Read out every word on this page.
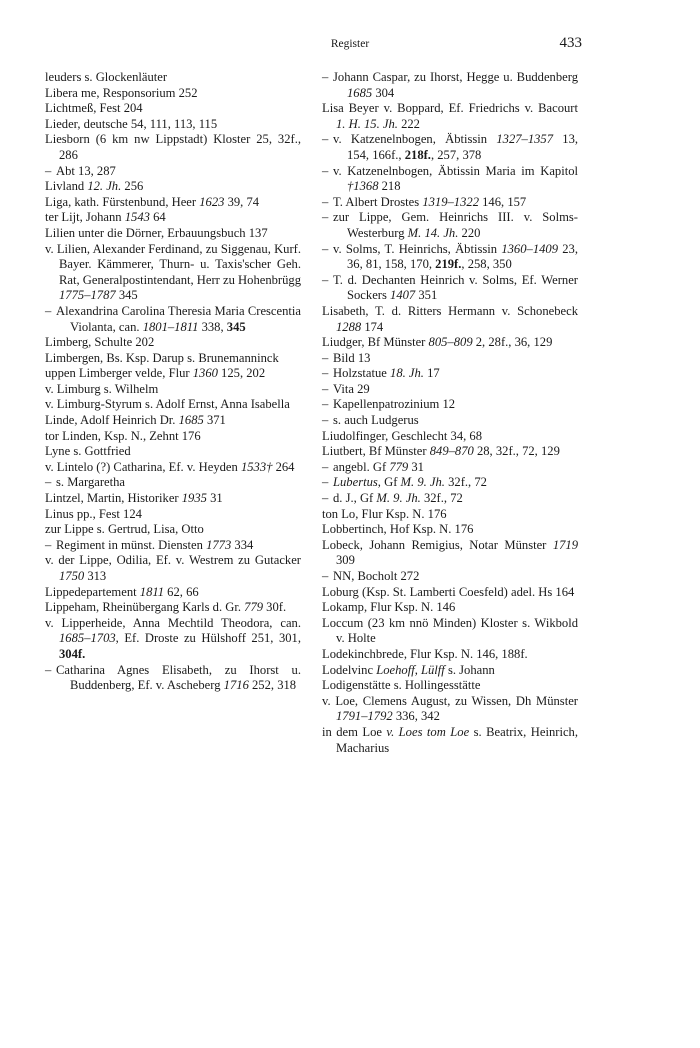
Register	433

leuders s. Glockenläuter

Libera me, Responsorium 252

Lichtmeß, Fest 204

Lieder, deutsche 54, 111, 113, 115

Liesborn (6 km nw Lippstadt) Kloster 25, 32f., 286

– Abt 13, 287

Livland 12. Jh. 256

Liga, kath. Fürstenbund, Heer 1623 39, 74

ter Lijt, Johann 1543 64

Lilien unter die Dörner, Erbauungsbuch 137

v. Lilien, Alexander Ferdinand, zu Siggenau, Kurf. Bayer. Kämmerer, Thurn- u. Taxis'scher Geh. Rat, Generalpostintendant, Herr zu Hohenbrügg 1775–1787 345

– Alexandrina Carolina Theresia Maria Crescentia Violanta, can. 1801–1811 338, 345

Limberg, Schulte 202

Limbergen, Bs. Ksp. Darup s. Brunemanninck

uppen Limberger velde, Flur 1360 125, 202

v. Limburg s. Wilhelm

v. Limburg-Styrum s. Adolf Ernst, Anna Isabella

Linde, Adolf Heinrich Dr. 1685 371

tor Linden, Ksp. N., Zehnt 176

Lyne s. Gottfried

v. Lintelo (?) Catharina, Ef. v. Heyden 1533† 264

– s. Margaretha

Lintzel, Martin, Historiker 1935 31

Linus pp., Fest 124

zur Lippe s. Gertrud, Lisa, Otto

– Regiment in münst. Diensten 1773 334

v. der Lippe, Odilia, Ef. v. Westrem zu Gutacker 1750 313

Lippedepartement 1811 62, 66

Lippeham, Rheinübergang Karls d. Gr. 779 30f.

v. Lipperheide, Anna Mechtild Theodora, can. 1685–1703, Ef. Droste zu Hülshoff 251, 301, 304f.

– Catharina Agnes Elisabeth, zu Ihorst u. Buddenberg, Ef. v. Ascheberg 1716 252, 318

– Johann Caspar, zu Ihorst, Hegge u. Buddenberg 1685 304

Lisa Beyer v. Boppard, Ef. Friedrichs v. Bacourt 1. H. 15. Jh. 222

– v. Katzenelnbogen, Äbtissin 1327–1357 13, 154, 166f., 218f., 257, 378

– v. Katzenelnbogen, Äbtissin Maria im Kapitol †1368 218

– T. Albert Drostes 1319–1322 146, 157

– zur Lippe, Gem. Heinrichs III. v. Solms-Westerburg M. 14. Jh. 220

– v. Solms, T. Heinrichs, Äbtissin 1360–1409 23, 36, 81, 158, 170, 219f., 258, 350

– T. d. Dechanten Heinrich v. Solms, Ef. Werner Sockers 1407 351

Lisabeth, T. d. Ritters Hermann v. Schonebeck 1288 174

Liudger, Bf Münster 805–809 2, 28f., 36, 129

– Bild 13

– Holzstatue 18. Jh. 17

– Vita 29

– Kapellenpatrozinium 12

– s. auch Ludgerus

Liudolfinger, Geschlecht 34, 68

Liutbert, Bf Münster 849–870 28, 32f., 72, 129

– angebl. Gf 779 31

– Lubertus, Gf M. 9. Jh. 32f., 72

– d. J., Gf M. 9. Jh. 32f., 72

ton Lo, Flur Ksp. N. 176

Lobbertinch, Hof Ksp. N. 176

Lobeck, Johann Remigius, Notar Münster 1719 309

– NN, Bocholt 272

Loburg (Ksp. St. Lamberti Coesfeld) adel. Hs 164

Lokamp, Flur Ksp. N. 146

Loccum (23 km nnö Minden) Kloster s. Wikbold v. Holte

Lodekinchbrede, Flur Ksp. N. 146, 188f.

Lodelvinc Loehoff, Lülff s. Johann

Lodigenstätte s. Hollingesstätte

v. Loe, Clemens August, zu Wissen, Dh Münster 1791–1792 336, 342

in dem Loe v. Loes tom Loe s. Beatrix, Heinrich, Macharius
